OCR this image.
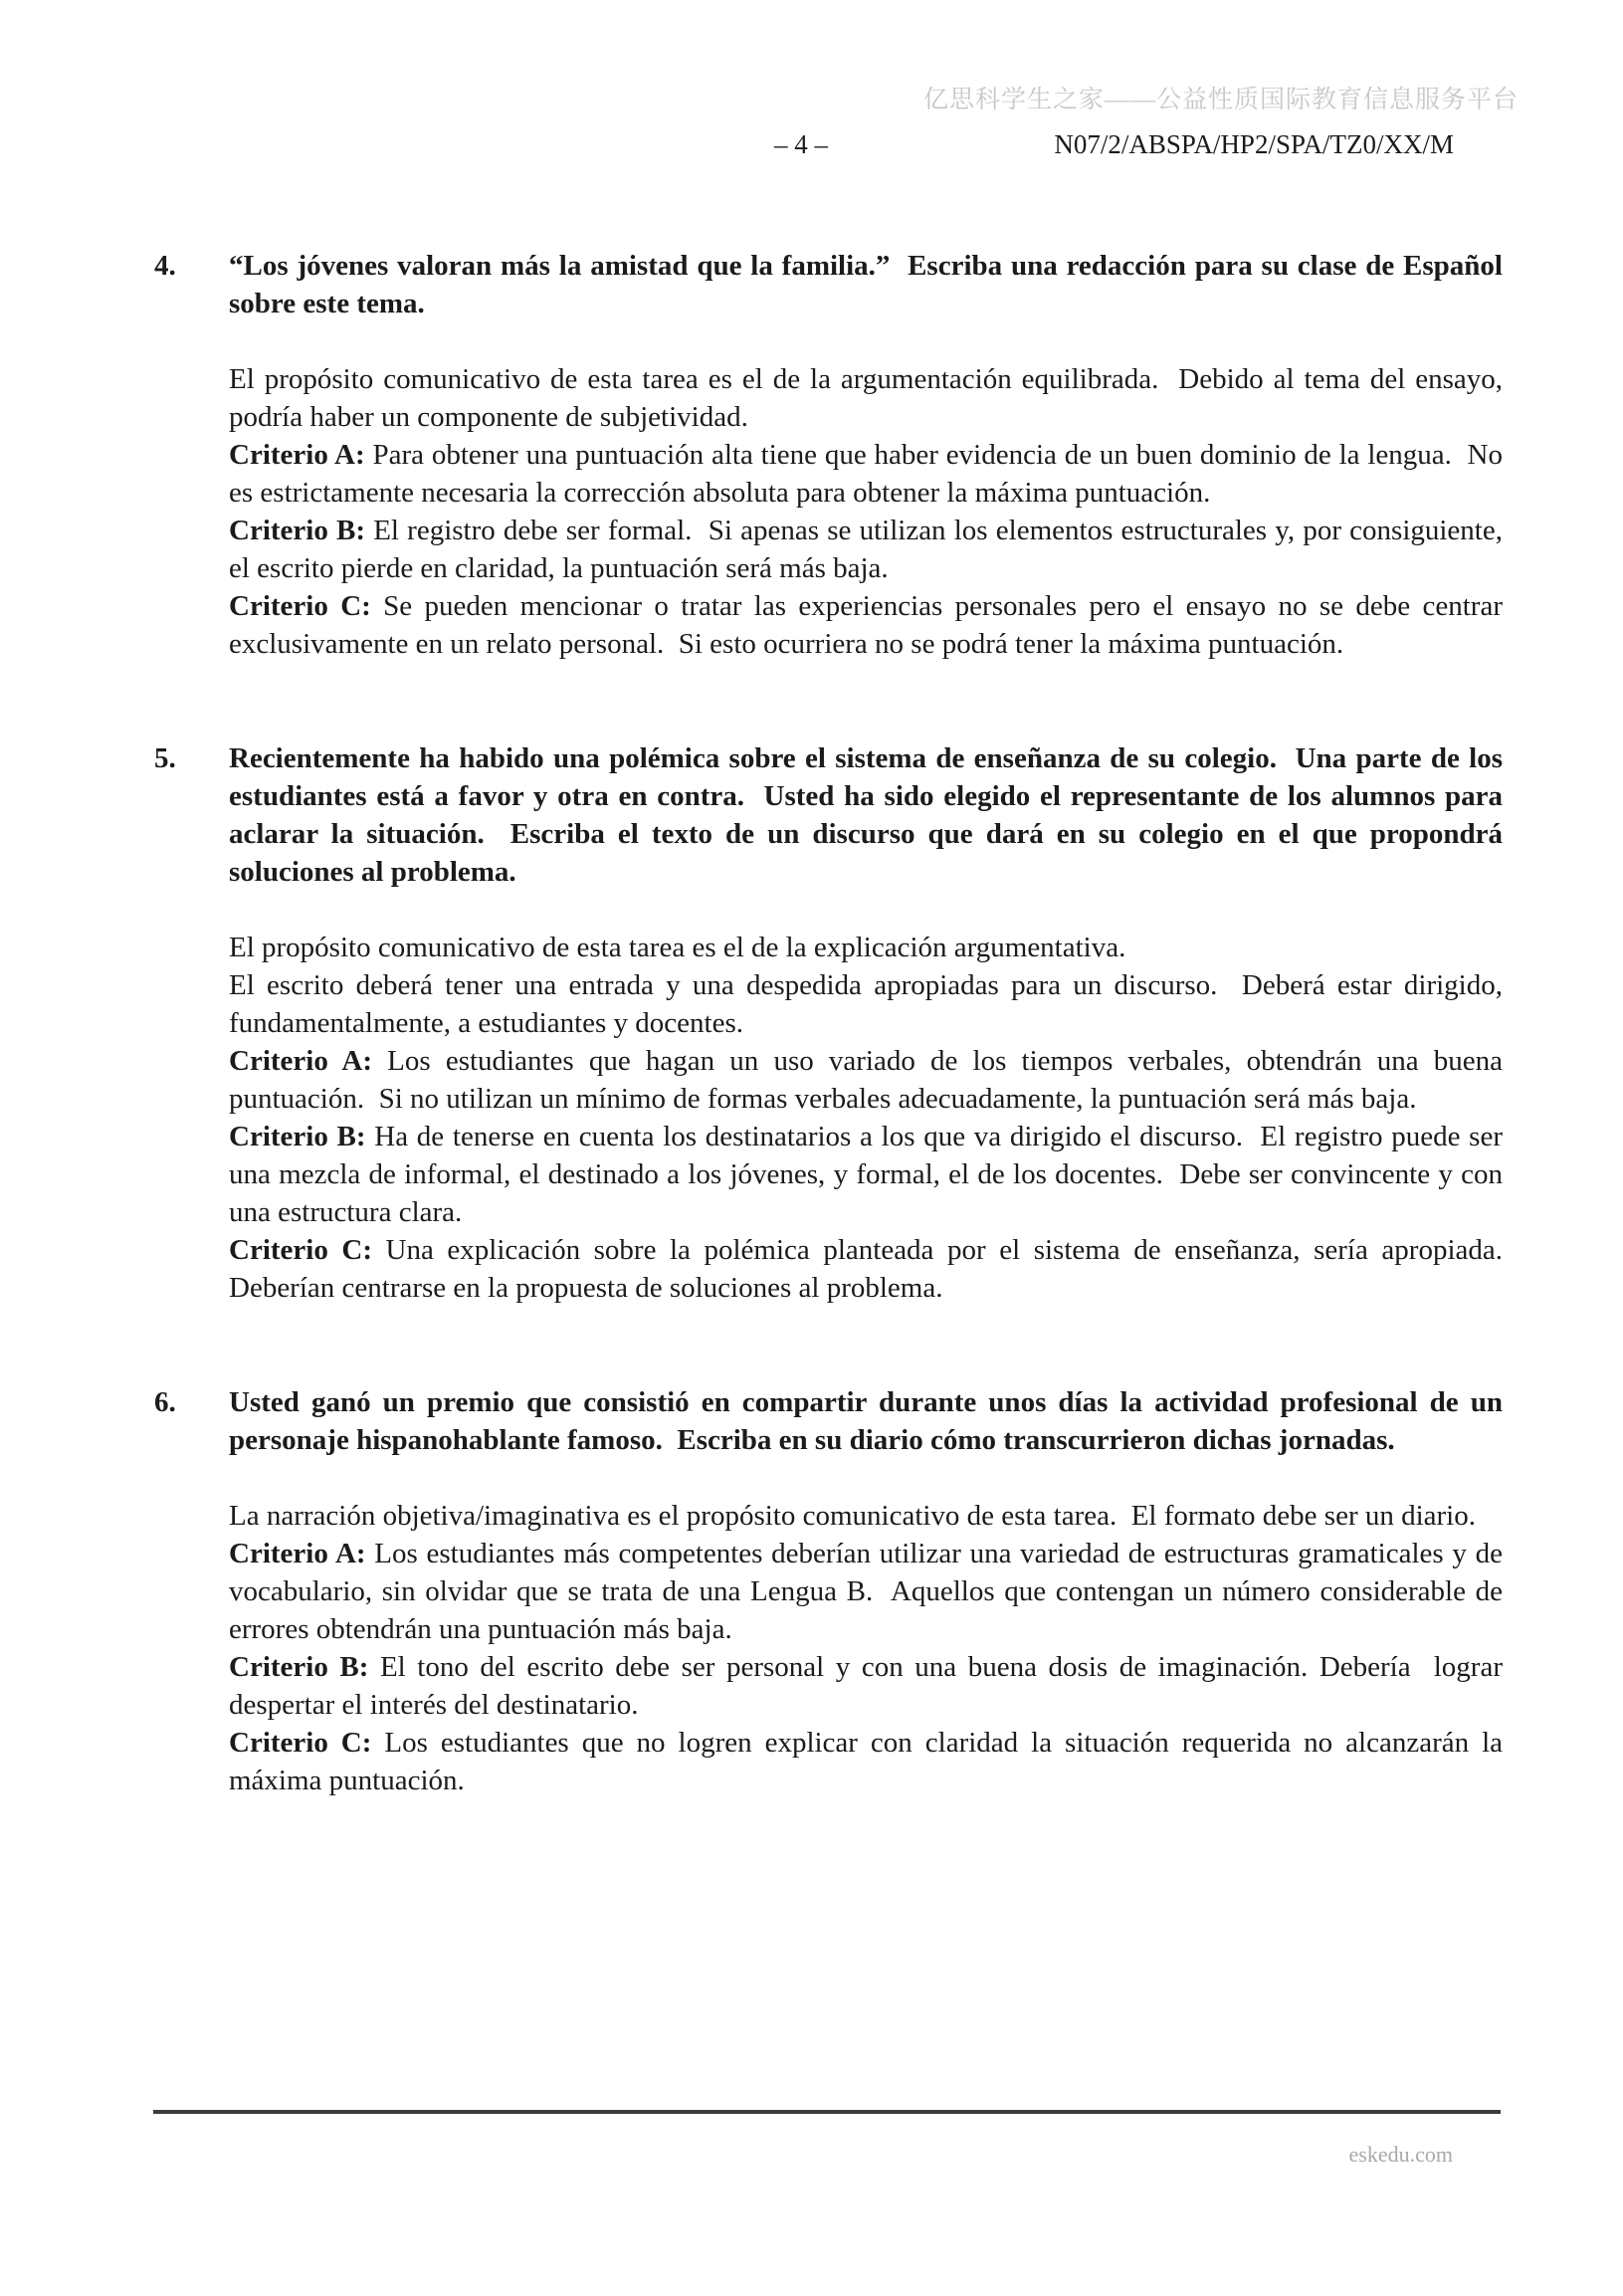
亿思科学生之家——公益性质国际教育信息服务平台
– 4 –	N07/2/ABSPA/HP2/SPA/TZ0/XX/M
4.	“Los jóvenes valoran más la amistad que la familia.”  Escriba una redacción para su clase de Español sobre este tema.

El propósito comunicativo de esta tarea es el de la argumentación equilibrada.  Debido al tema del ensayo, podría haber un componente de subjetividad.

Criterio A: Para obtener una puntuación alta tiene que haber evidencia de un buen dominio de la lengua.  No es estrictamente necesaria la corrección absoluta para obtener la máxima puntuación.

Criterio B: El registro debe ser formal.  Si apenas se utilizan los elementos estructurales y, por consiguiente, el escrito pierde en claridad, la puntuación será más baja.

Criterio C: Se pueden mencionar o tratar las experiencias personales pero el ensayo no se debe centrar exclusivamente en un relato personal.  Si esto ocurriera no se podrá tener la máxima puntuación.

5.	Recientemente ha habido una polémica sobre el sistema de enseñanza de su colegio.  Una parte de los estudiantes está a favor y otra en contra.  Usted ha sido elegido el representante de los alumnos para aclarar la situación.  Escriba el texto de un discurso que dará en su colegio en el que propondrá soluciones al problema.

El propósito comunicativo de esta tarea es el de la explicación argumentativa.

El escrito deberá tener una entrada y una despedida apropiadas para un discurso.  Deberá estar dirigido, fundamentalmente, a estudiantes y docentes.

Criterio A: Los estudiantes que hagan un uso variado de los tiempos verbales, obtendrán una buena puntuación.  Si no utilizan un mínimo de formas verbales adecuadamente, la puntuación será más baja.

Criterio B: Ha de tenerse en cuenta los destinatarios a los que va dirigido el discurso.  El registro puede ser una mezcla de informal, el destinado a los jóvenes, y formal, el de los docentes.  Debe ser convincente y con una estructura clara.

Criterio C: Una explicación sobre la polémica planteada por el sistema de enseñanza, sería apropiada. Deberían centrarse en la propuesta de soluciones al problema.

6.	Usted ganó un premio que consistió en compartir durante unos días la actividad profesional de un personaje hispanohablante famoso.  Escriba en su diario cómo transcurrieron dichas jornadas.

La narración objetiva/imaginativa es el propósito comunicativo de esta tarea.  El formato debe ser un diario.

Criterio A: Los estudiantes más competentes deberían utilizar una variedad de estructuras gramaticales y de vocabulario, sin olvidar que se trata de una Lengua B.  Aquellos que contengan un número considerable de errores obtendrán una puntuación más baja.

Criterio B: El tono del escrito debe ser personal y con una buena dosis de imaginación. Debería  lograr despertar el interés del destinatario.

Criterio C: Los estudiantes que no logren explicar con claridad la situación requerida no alcanzarán la máxima puntuación.

eskedu.com
